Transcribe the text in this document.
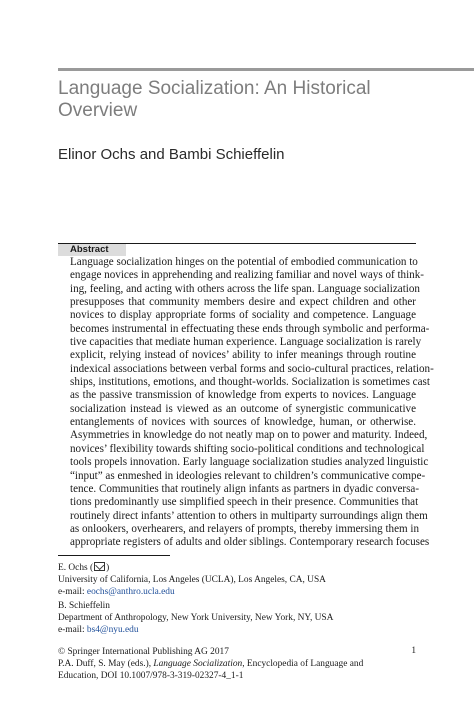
Language Socialization: An Historical
Overview
Elinor Ochs and Bambi Schieffelin
Abstract
Language socialization hinges on the potential of embodied communication to
engage novices in apprehending and realizing familiar and novel ways of think-
ing, feeling, and acting with others across the life span. Language socialization
presupposes that community members desire and expect children and other
novices to display appropriate forms of sociality and competence. Language
becomes instrumental in effectuating these ends through symbolic and performa-
tive capacities that mediate human experience. Language socialization is rarely
explicit, relying instead of novices’ ability to infer meanings through routine
indexical associations between verbal forms and socio-cultural practices, relation-
ships, institutions, emotions, and thought-worlds. Socialization is sometimes cast
as the passive transmission of knowledge from experts to novices. Language
socialization instead is viewed as an outcome of synergistic communicative
entanglements of novices with sources of knowledge, human, or otherwise.
Asymmetries in knowledge do not neatly map on to power and maturity. Indeed,
novices’ flexibility towards shifting socio-political conditions and technological
tools propels innovation. Early language socialization studies analyzed linguistic
“input” as enmeshed in ideologies relevant to children’s communicative compe-
tence. Communities that routinely align infants as partners in dyadic conversa-
tions predominantly use simplified speech in their presence. Communities that
routinely direct infants’ attention to others in multiparty surroundings align them
as onlookers, overhearers, and relayers of prompts, thereby immersing them in
appropriate registers of adults and older siblings. Contemporary research focuses
E. Ochs ( )
University of California, Los Angeles (UCLA), Los Angeles, CA, USA
e-mail: eochs@anthro.ucla.edu
B. Schieffelin
Department of Anthropology, New York University, New York, NY, USA
e-mail: bs4@nyu.edu
© Springer International Publishing AG 2017
P.A. Duff, S. May (eds.), Language Socialization, Encyclopedia of Language and
Education, DOI 10.1007/978-3-319-02327-4_1-1
1
